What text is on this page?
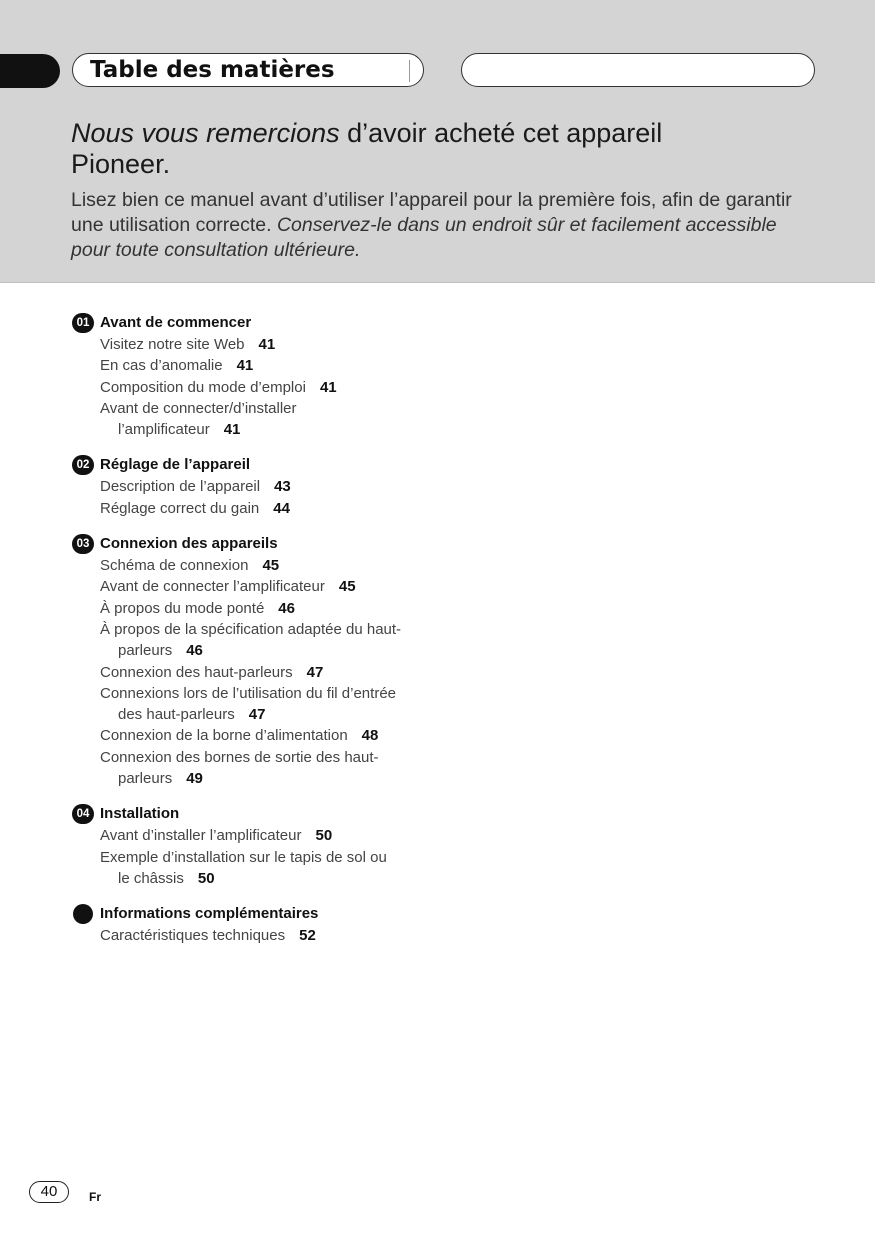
Table des matières
Nous vous remercions d’avoir acheté cet appareil
Pioneer.

Lisez bien ce manuel avant d’utiliser l’appareil pour la première fois, afin de garantir une utilisation correcte. Conservez-le dans un endroit sûr et facilement accessible pour toute consultation ultérieure.

01 Avant de commencer
Visitez notre site Web 41
En cas d’anomalie 41
Composition du mode d’emploi 41
Avant de connecter/d’installer
l’amplificateur 41
02 Réglage de l’appareil
Description de l’appareil 43
Réglage correct du gain 44
03 Connexion des appareils
Schéma de connexion 45
Avant de connecter l’amplificateur 45
À propos du mode ponté 46
À propos de la spécification adaptée du haut-
parleurs 46
Connexion des haut-parleurs 47
Connexions lors de l’utilisation du fil d’entrée
des haut-parleurs 47
Connexion de la borne d’alimentation 48
Connexion des bornes de sortie des haut-
parleurs 49
04 Installation
Avant d’installer l’amplificateur 50
Exemple d’installation sur le tapis de sol ou
le châssis 50
Informations complémentaires
Caractéristiques techniques 52
40	Fr
